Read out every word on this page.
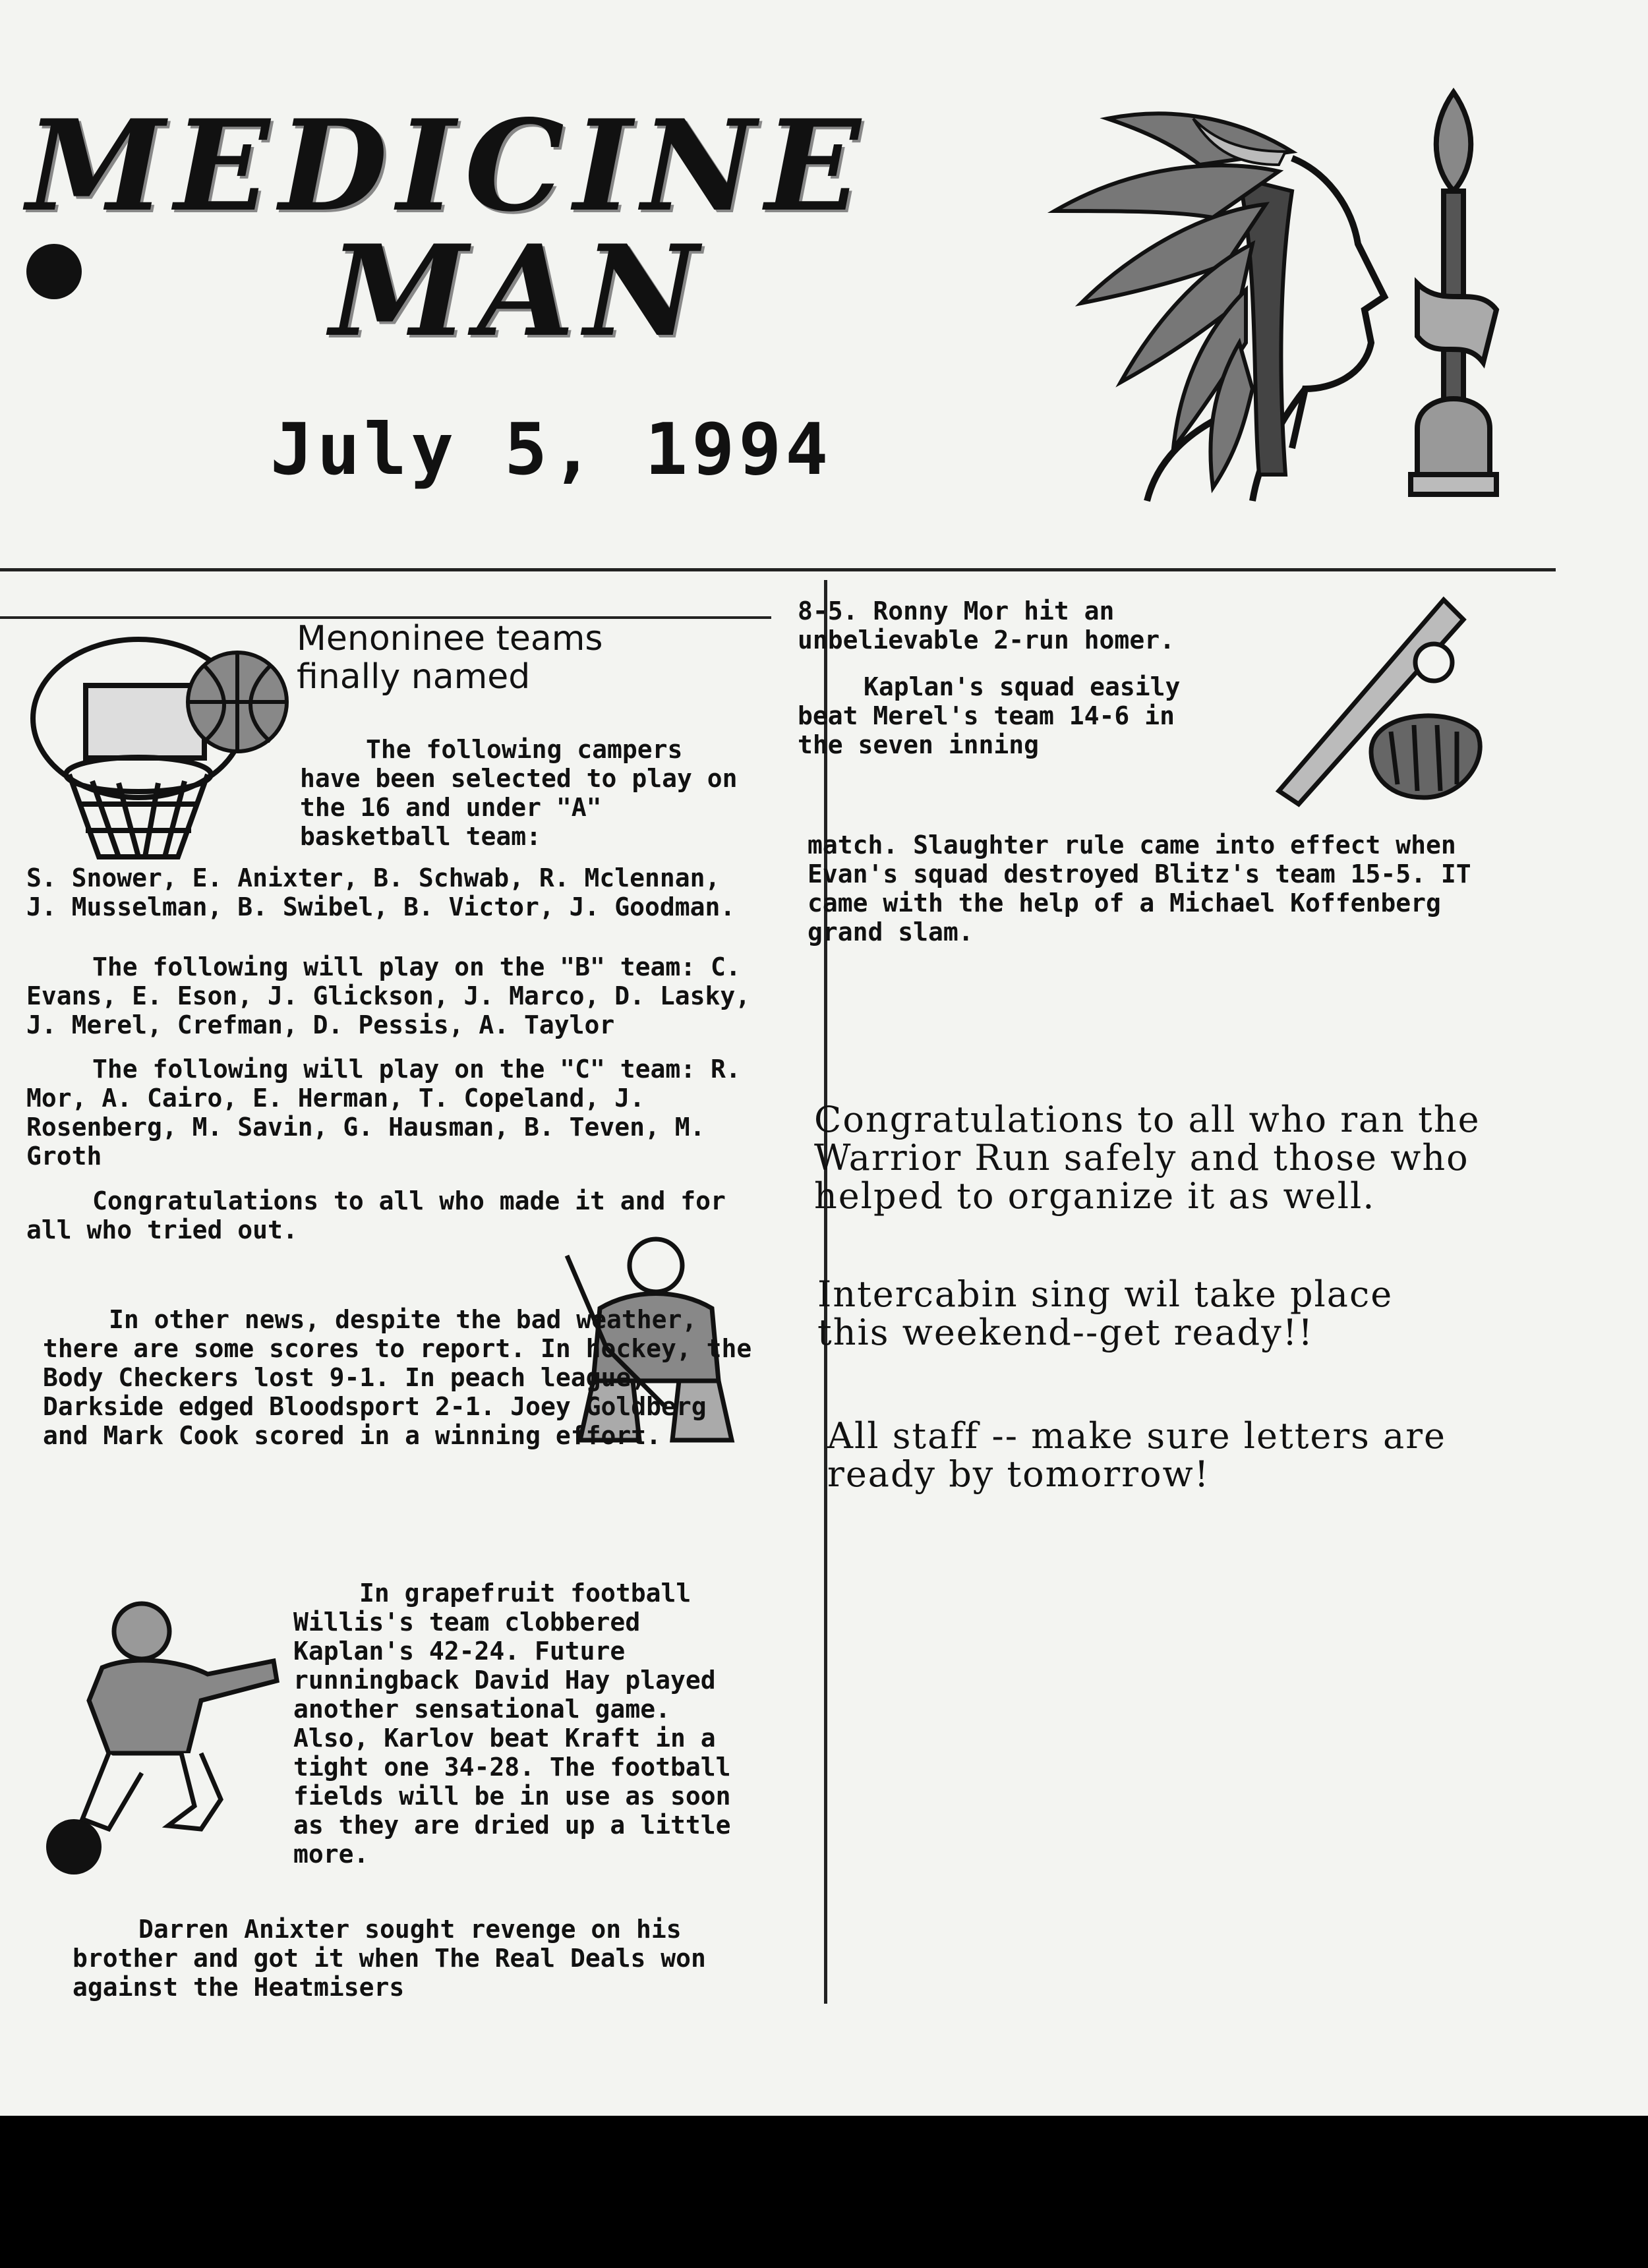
MEDICINE
MAN

July 5, 1994

Menoninee teams finally named

The following campers have been selected to play on the 16 and under "A" basketball team:

S. Snower, E. Anixter, B. Schwab, R. Mclennan, J. Musselman, B. Swibel, B. Victor, J. Goodman.

The following will play on the "B" team: C. Evans, E. Eson, J. Glickson, J. Marco, D. Lasky, J. Merel, Crefman, D. Pessis, A. Taylor

The following will play on the "C" team: R. Mor, A. Cairo, E. Herman, T. Copeland, J. Rosenberg, M. Savin, G. Hausman, B. Teven, M. Groth

Congratulations to all who made it and for all who tried out.

In other news, despite the bad weather, there are some scores to report. In hockey, the Body Checkers lost 9-1. In peach league, Darkside edged Bloodsport 2-1. Joey Goldberg and Mark Cook scored in a winning effort.

In grapefruit football Willis's team clobbered Kaplan's 42-24. Future runningback David Hay played another sensational game. Also, Karlov beat Kraft in a tight one 34-28. The football fields will be in use as soon as they are dried up a little more.

Darren Anixter sought revenge on his brother and got it when The Real Deals won against the Heatmisers

8-5. Ronny Mor hit an unbelievable 2-run homer.

Kaplan's squad easily beat Merel's team 14-6 in the seven inning

match. Slaughter rule came into effect when Evan's squad destroyed Blitz's team 15-5. IT came with the help of a Michael Koffenberg grand slam.

Congratulations to all who ran the Warrior Run safely and those who helped to organize it as well.

Intercabin sing wil take place this weekend--get ready!!

All staff -- make sure letters are ready by tomorrow!
